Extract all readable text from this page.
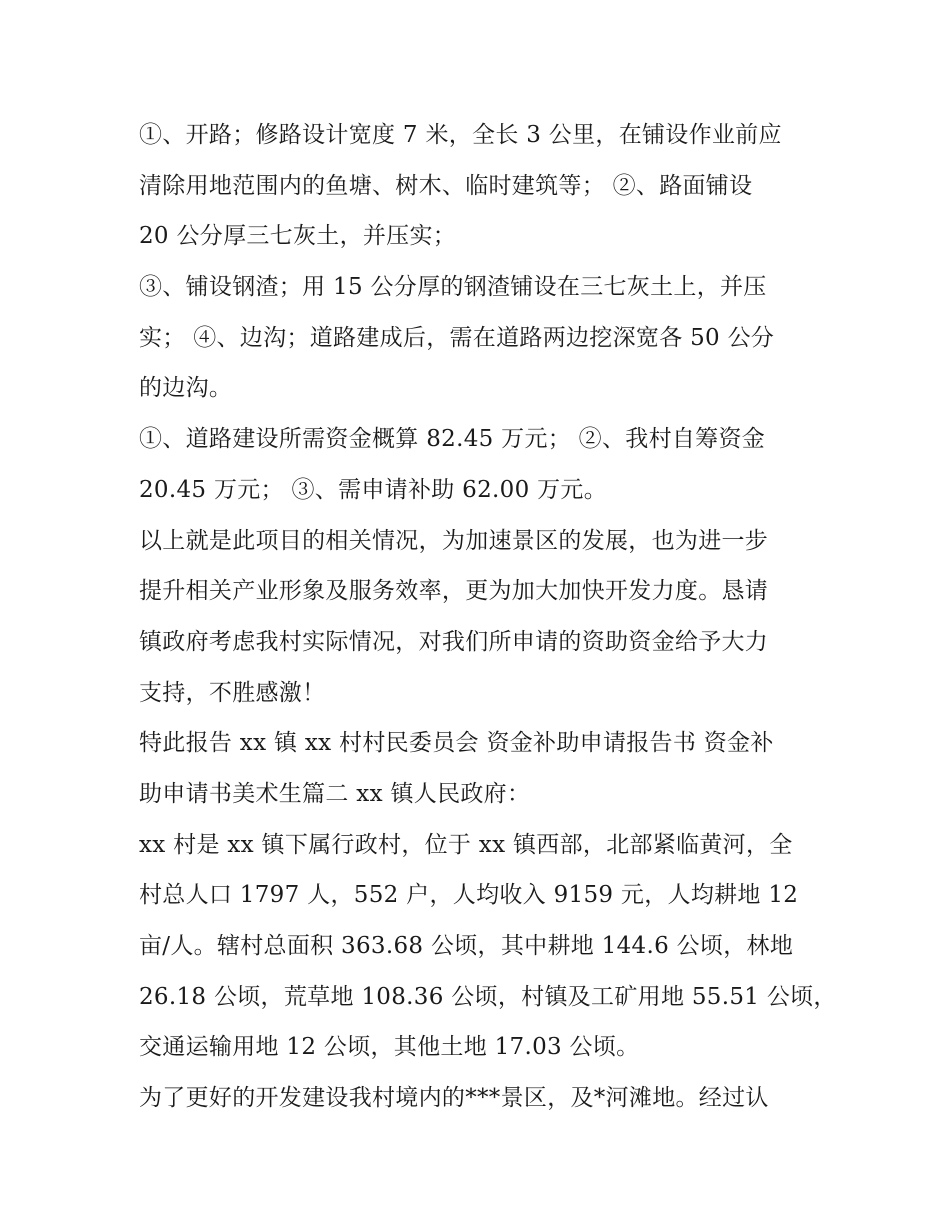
①、开路；修路设计宽度 7 米，全长 3 公里，在铺设作业前应
清除用地范围内的鱼塘、树木、临时建筑等； ②、路面铺设
20 公分厚三七灰土，并压实；
③、铺设钢渣；用 15 公分厚的钢渣铺设在三七灰土上，并压
实； ④、边沟；道路建成后，需在道路两边挖深宽各 50 公分
的边沟。
①、道路建设所需资金概算 82.45 万元； ②、我村自筹资金
20.45 万元； ③、需申请补助 62.00 万元。
以上就是此项目的相关情况，为加速景区的发展，也为进一步
提升相关产业形象及服务效率，更为加大加快开发力度。恳请
镇政府考虑我村实际情况，对我们所申请的资助资金给予大力
支持，不胜感激！
特此报告 xx 镇 xx 村村民委员会 资金补助申请报告书 资金补
助申请书美术生篇二 xx 镇人民政府：
xx 村是 xx 镇下属行政村，位于 xx 镇西部，北部紧临黄河，全
村总人口 1797 人，552 户，人均收入 9159 元，人均耕地 12
亩/人。辖村总面积 363.68 公顷，其中耕地 144.6 公顷，林地
26.18 公顷，荒草地 108.36 公顷，村镇及工矿用地 55.51 公顷，
交通运输用地 12 公顷，其他土地 17.03 公顷。
为了更好的开发建设我村境内的***景区，及*河滩地。经过认
